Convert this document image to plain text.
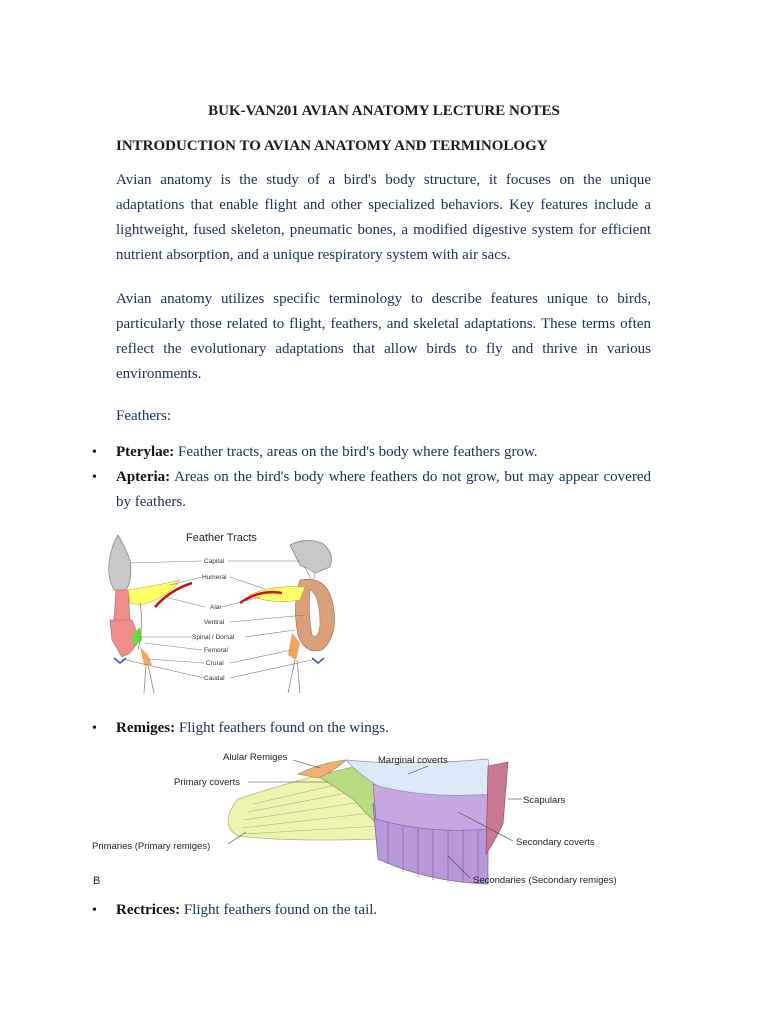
BUK-VAN201 AVIAN ANATOMY LECTURE NOTES
INTRODUCTION TO AVIAN ANATOMY AND TERMINOLOGY
Avian anatomy is the study of a bird's body structure, it focuses on the unique adaptations that enable flight and other specialized behaviors. Key features include a lightweight, fused skeleton, pneumatic bones, a modified digestive system for efficient nutrient absorption, and a unique respiratory system with air sacs.
Avian anatomy utilizes specific terminology to describe features unique to birds, particularly those related to flight, feathers, and skeletal adaptations. These terms often reflect the evolutionary adaptations that allow birds to fly and thrive in various environments.
Feathers:
• Pterylae: Feather tracts, areas on the bird's body where feathers grow.
• Apteria: Areas on the bird's body where feathers do not grow, but may appear covered by feathers.
Feather Tracts
Capital
Humeral
Alar
Ventral
Spinal / Dorsal
Femoral
Crural
Caudal
• Remiges: Flight feathers found on the wings.
Alular Remiges	Marginal coverts
Primary coverts
Scapulars
Primaries (Primary remiges)	Secondary coverts
Secondaries (Secondary remiges)
B
• Rectrices: Flight feathers found on the tail.
